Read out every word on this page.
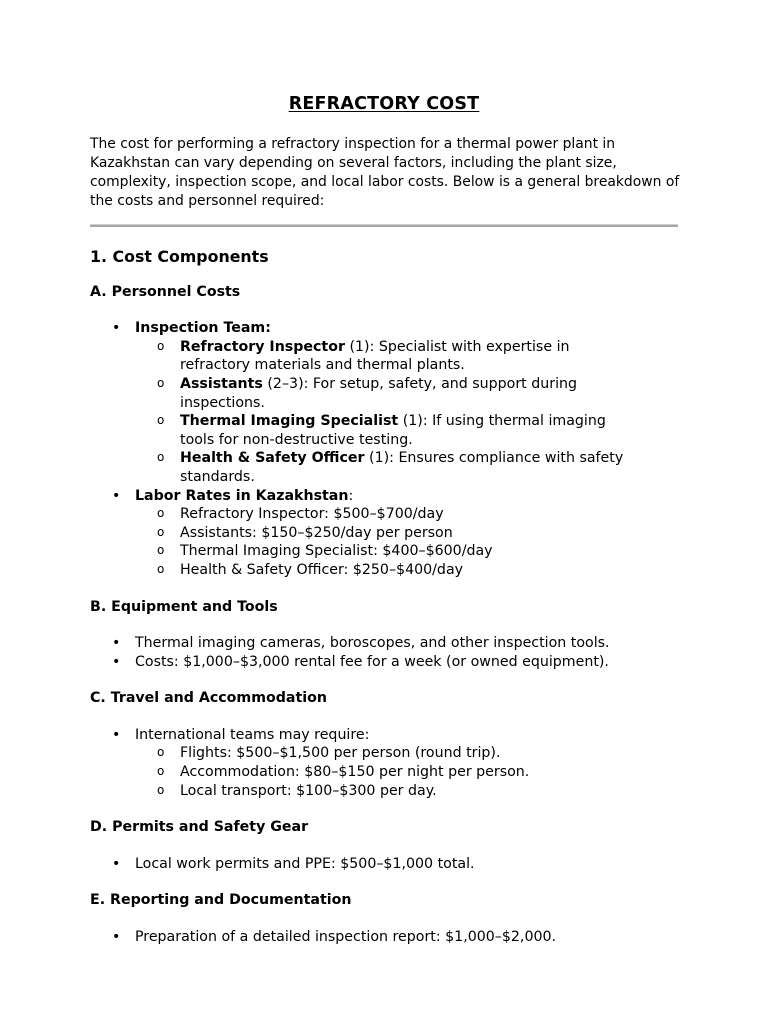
REFRACTORY COST

The cost for performing a refractory inspection for a thermal power plant in Kazakhstan can vary depending on several factors, including the plant size, complexity, inspection scope, and local labor costs. Below is a general breakdown of the costs and personnel required:

1. Cost Components
A. Personnel Costs
• Inspection Team:
o Refractory Inspector (1): Specialist with expertise in refractory materials and thermal plants.
o Assistants (2–3): For setup, safety, and support during inspections.
o Thermal Imaging Specialist (1): If using thermal imaging tools for non-destructive testing.
o Health & Safety Officer (1): Ensures compliance with safety standards.
• Labor Rates in Kazakhstan:
o Refractory Inspector: $500–$700/day
o Assistants: $150–$250/day per person
o Thermal Imaging Specialist: $400–$600/day
o Health & Safety Officer: $250–$400/day
B. Equipment and Tools
• Thermal imaging cameras, boroscopes, and other inspection tools.
• Costs: $1,000–$3,000 rental fee for a week (or owned equipment).
C. Travel and Accommodation
• International teams may require:
o Flights: $500–$1,500 per person (round trip).
o Accommodation: $80–$150 per night per person.
o Local transport: $100–$300 per day.
D. Permits and Safety Gear
• Local work permits and PPE: $500–$1,000 total.
E. Reporting and Documentation
• Preparation of a detailed inspection report: $1,000–$2,000.
